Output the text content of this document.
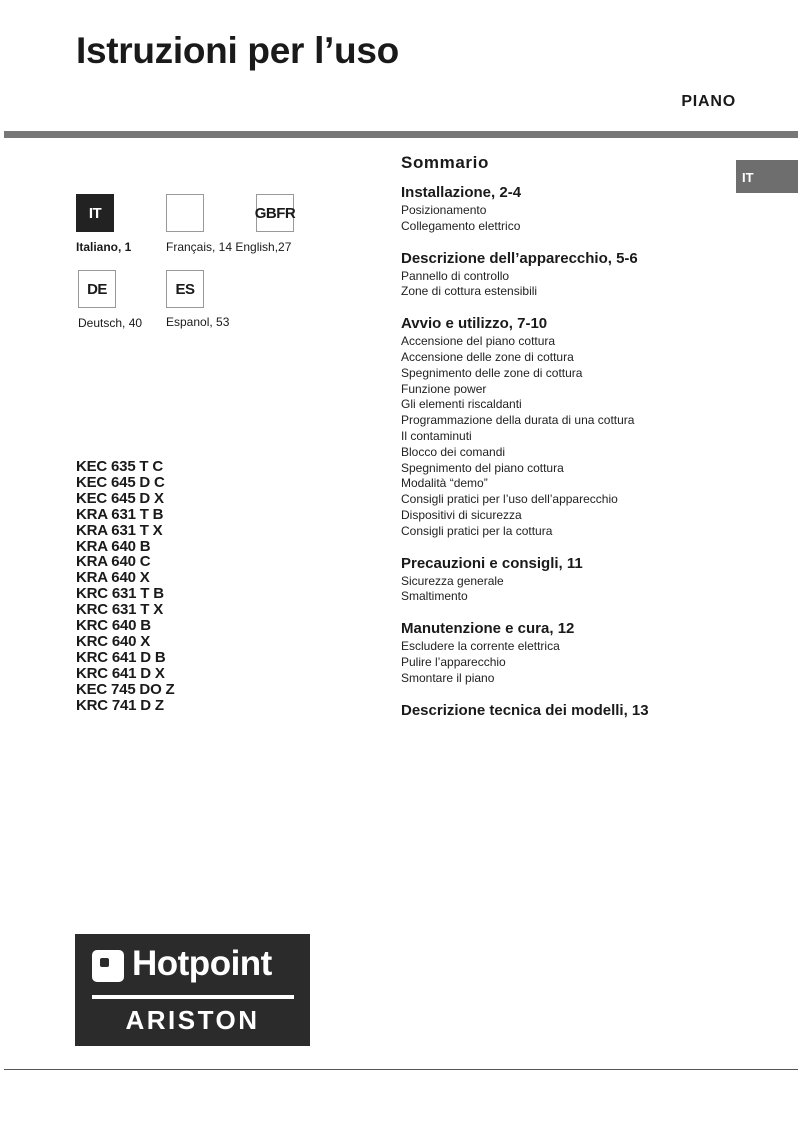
Istruzioni per l’uso
PIANO
IT
IT	GBFR
Italiano, 1	Français, 14 English,27
DE	ES
Deutsch, 40 Espanol, 53
KEC 635 T C
KEC 645 D C
KEC 645 D X
KRA 631 T B
KRA 631 T X
KRA 640 B
KRA 640 C
KRA 640 X
KRC 631 T B
KRC 631 T X
KRC 640 B
KRC 640 X
KRC 641 D B
KRC 641 D X
KEC 745 DO Z
KRC 741 D Z
Sommario
Installazione, 2-4
Posizionamento
Collegamento elettrico
Descrizione dell’apparecchio, 5-6
Pannello di controllo
Zone di cottura estensibili
Avvio e utilizzo, 7-10
Accensione del piano cottura
Accensione delle zone di cottura
Spegnimento delle zone di cottura
Funzione power
Gli elementi riscaldanti
Programmazione della durata di una cottura
Il contaminuti
Blocco dei comandi
Spegnimento del piano cottura
Modalità “demo”
Consigli pratici per l’uso dell’apparecchio
Dispositivi di sicurezza
Consigli pratici per la cottura
Precauzioni e consigli, 11
Sicurezza generale
Smaltimento
Manutenzione e cura, 12
Escludere la corrente elettrica
Pulire l’apparecchio
Smontare il piano
Descrizione tecnica dei modelli, 13
Hotpoint
ARISTON
